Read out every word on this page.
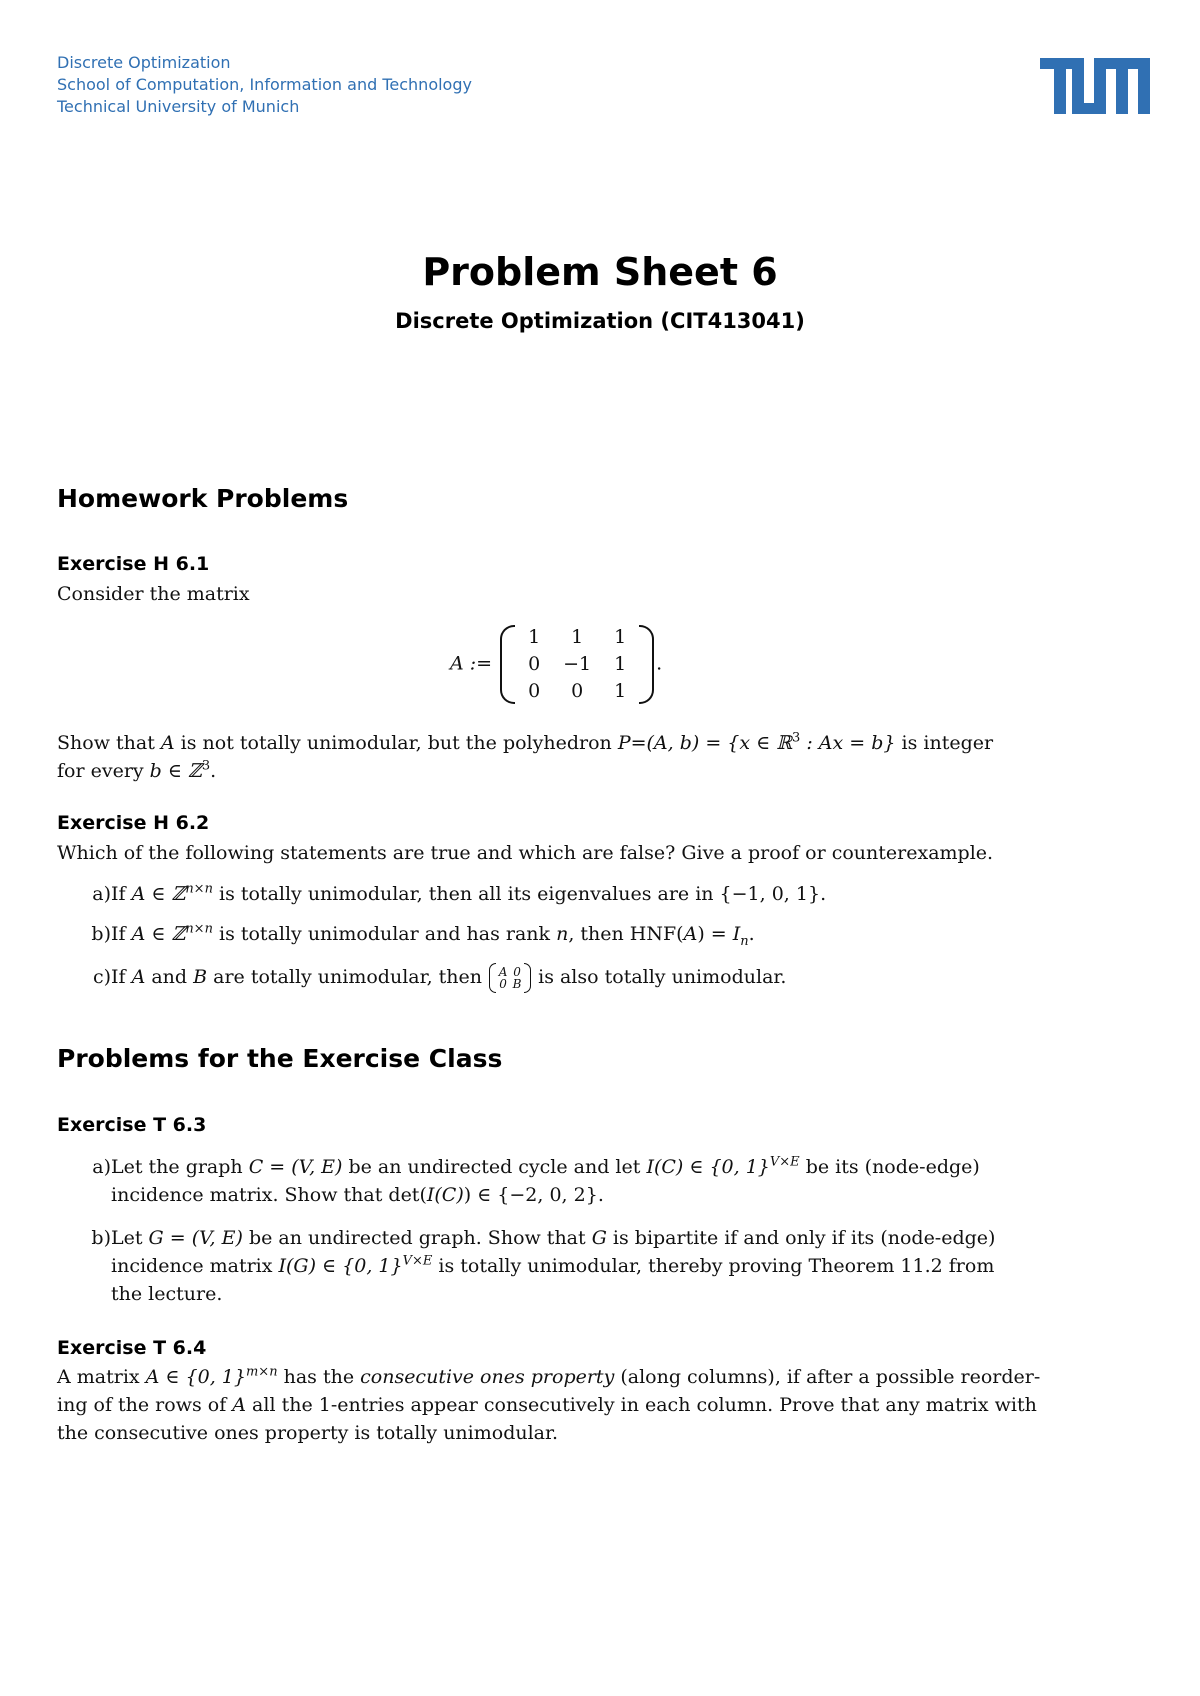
Discrete Optimization
School of Computation, Information and Technology
Technical University of Munich
Problem Sheet 6
Discrete Optimization (CIT413041)
Homework Problems
Exercise H 6.1
Consider the matrix
A :=
1	1	1
0	−1	1
0	0	1
.
Show that A is not totally unimodular, but the polyhedron P=(A, b) = {x ∈ ℝ$^3$ : Ax = b} is integer
for every b ∈ ℤ$^3$.
Exercise H 6.2
Which of the following statements are true and which are false? Give a proof or counterexample.
a) If A ∈ ℤ$^{n\times n}$ is totally unimodular, then all its eigenvalues are in {−1, 0, 1}.
b) If A ∈ ℤ$^{n\times n}$ is totally unimodular and has rank n, then $HNF(A) = I_n$.
c) If A and B are totally unimodular, then A 0
0 B is also totally unimodular.
Problems for the Exercise Class
Exercise T 6.3
a) Let the graph C = (V, E) be an undirected cycle and let I(C) ∈ {0, 1}$^{V\times E}$ be its (node-edge)
incidence matrix. Show that det(I(C)) ∈ {−2, 0, 2}.
b) Let G = (V, E) be an undirected graph. Show that G is bipartite if and only if its (node-edge)
incidence matrix I(G) ∈ {0, 1}$^{V\times E}$ is totally unimodular, thereby proving Theorem 11.2 from
the lecture.
Exercise T 6.4
A matrix A ∈ {0, 1}$^{m\times n}$ has the consecutive ones property (along columns), if after a possible reorder-
ing of the rows of A all the 1-entries appear consecutively in each column. Prove that any matrix with
the consecutive ones property is totally unimodular.
